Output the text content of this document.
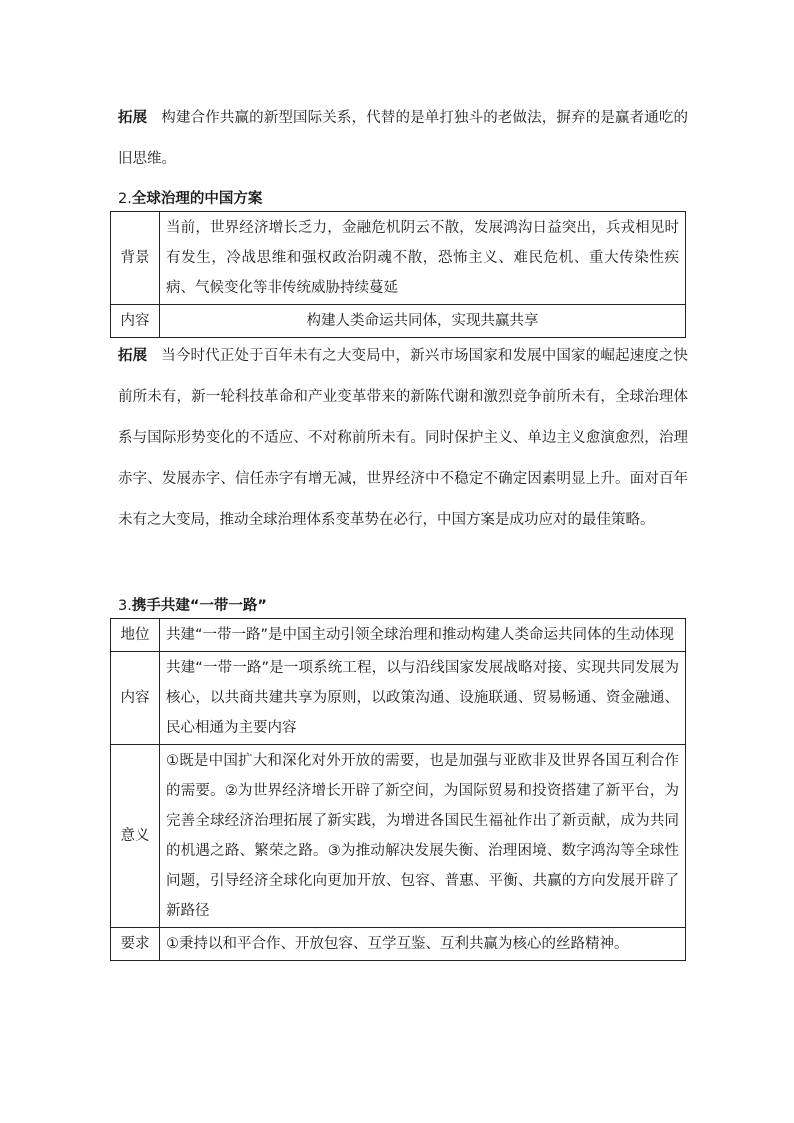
拓展 构建合作共赢的新型国际关系，代替的是单打独斗的老做法，摒弃的是赢者通吃的旧思维。

2.全球治理的中国方案

背景	当前，世界经济增长乏力，金融危机阴云不散，发展鸿沟日益突出，兵戎相见时有发生，冷战思维和强权政治阴魂不散，恐怖主义、难民危机、重大传染性疾病、气候变化等非传统威胁持续蔓延
内容	构建人类命运共同体，实现共赢共享

拓展 当今时代正处于百年未有之大变局中，新兴市场国家和发展中国家的崛起速度之快前所未有，新一轮科技革命和产业变革带来的新陈代谢和激烈竞争前所未有，全球治理体系与国际形势变化的不适应、不对称前所未有。同时保护主义、单边主义愈演愈烈，治理赤字、发展赤字、信任赤字有增无减，世界经济中不稳定不确定因素明显上升。面对百年未有之大变局，推动全球治理体系变革势在必行，中国方案是成功应对的最佳策略。

3.携手共建“一带一路”

地位	共建“一带一路”是中国主动引领全球治理和推动构建人类命运共同体的生动体现
内容	共建“一带一路”是一项系统工程，以与沿线国家发展战略对接、实现共同发展为核心，以共商共建共享为原则，以政策沟通、设施联通、贸易畅通、资金融通、民心相通为主要内容
意义	①既是中国扩大和深化对外开放的需要，也是加强与亚欧非及世界各国互利合作的需要。②为世界经济增长开辟了新空间，为国际贸易和投资搭建了新平台，为完善全球经济治理拓展了新实践，为增进各国民生福祉作出了新贡献，成为共同的机遇之路、繁荣之路。③为推动解决发展失衡、治理困境、数字鸿沟等全球性问题，引导经济全球化向更加开放、包容、普惠、平衡、共赢的方向发展开辟了新路径
要求	①秉持以和平合作、开放包容、互学互鉴、互利共赢为核心的丝路精神。
